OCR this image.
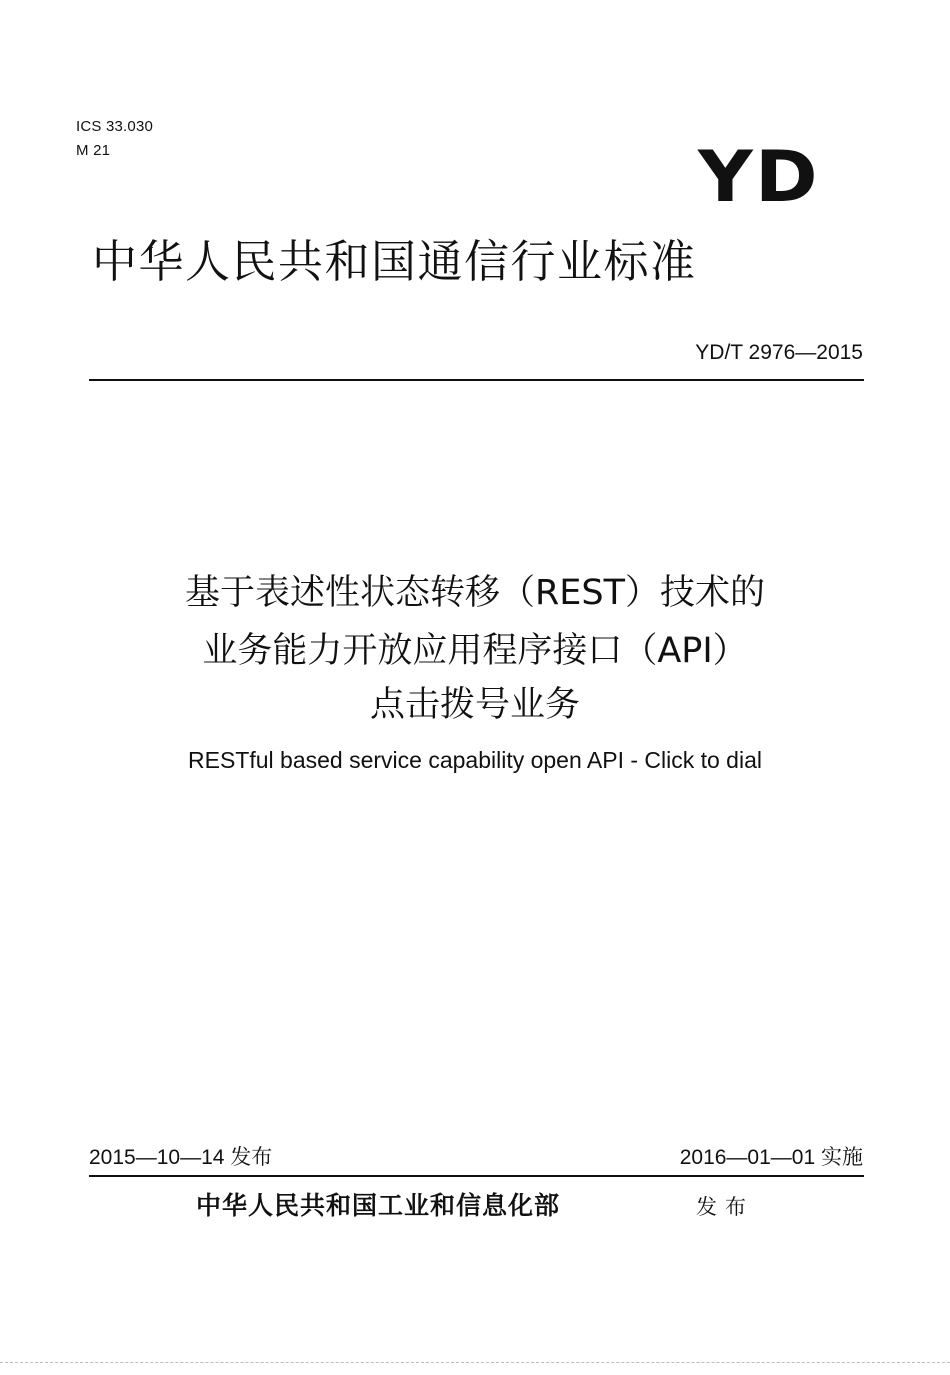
ICS 33.030
M 21	YD
中华人民共和国通信行业标准
YD/T 2976—2015
基于表述性状态转移（REST）技术的
业务能力开放应用程序接口（API）
点击拨号业务
RESTful based service capability open API - Click to dial
2015—10—14 发布	2016—01—01 实施
中华人民共和国工业和信息化部	发布
